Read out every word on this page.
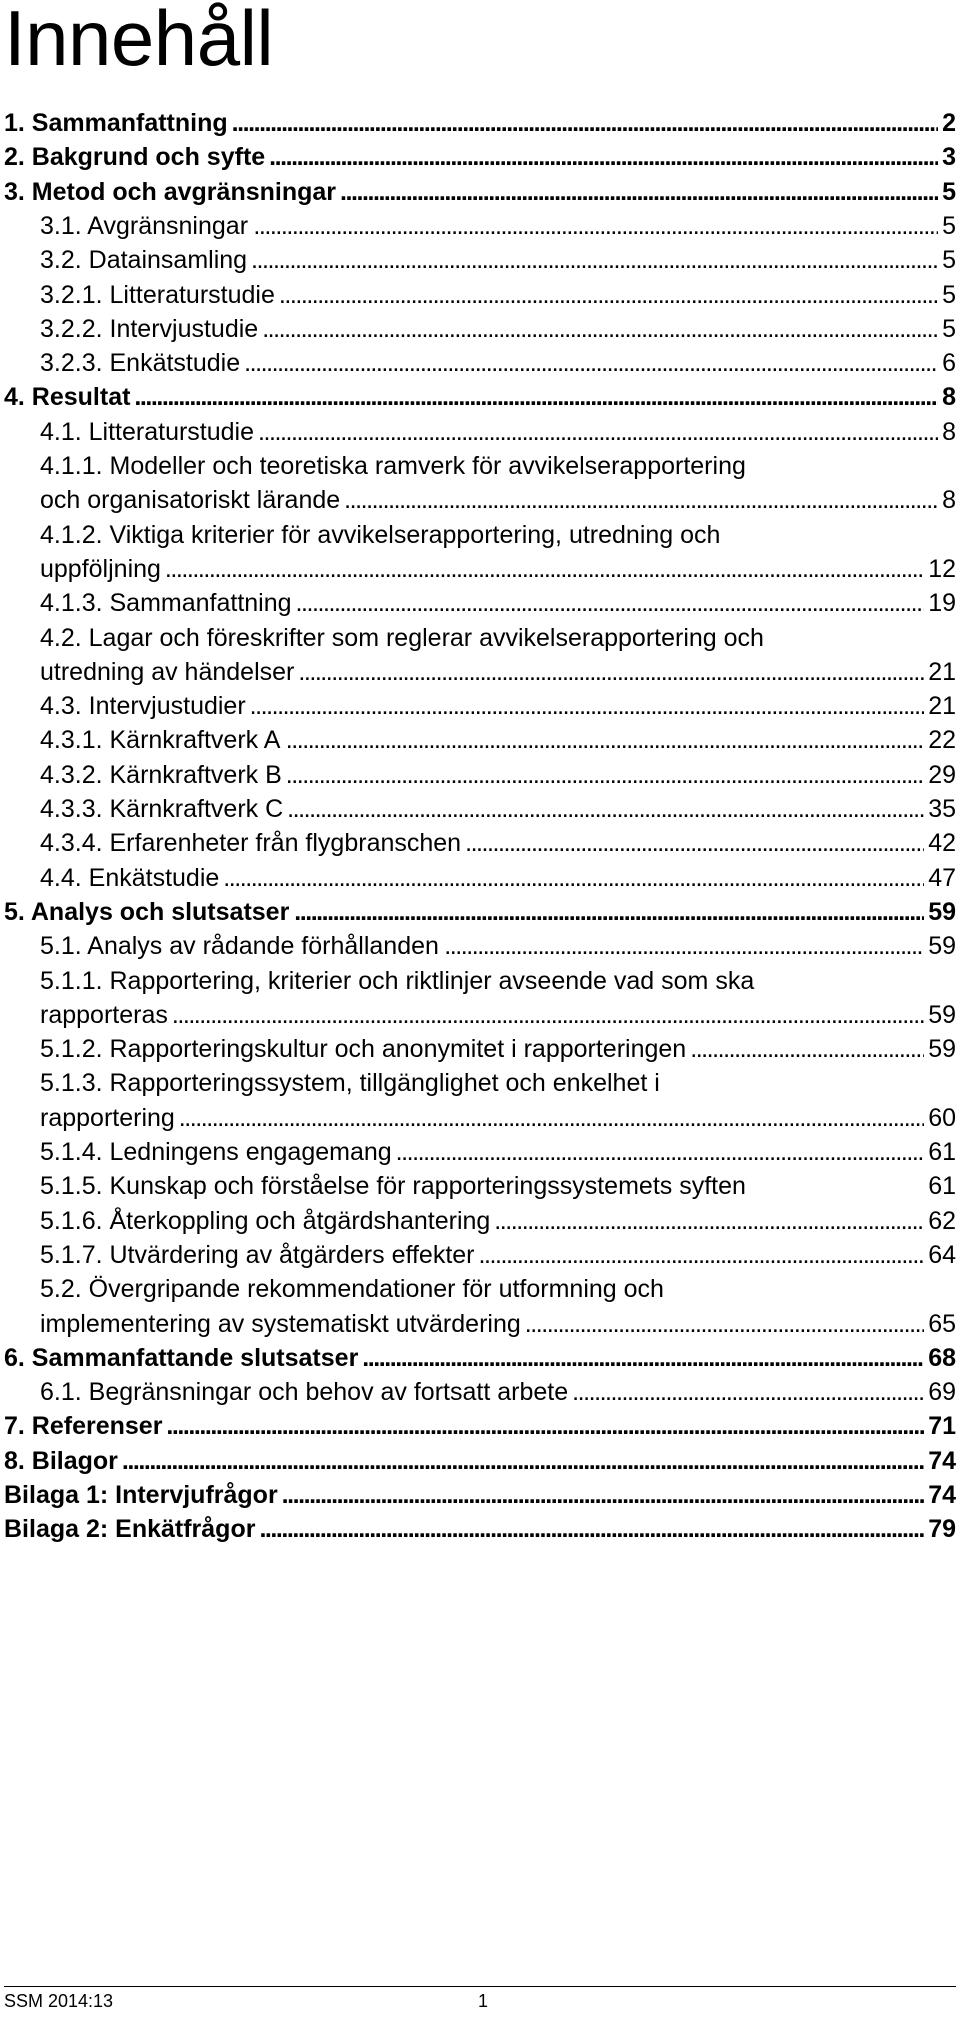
Innehåll
1. Sammanfattning	2
. . .
2. Bakgrund och syfte	3
. . .
3. Metod och avgränsningar	5
. . .
3.1. Avgränsningar	5
. . .
3.2. Datainsamling	5
. . .
3.2.1. Litteraturstudie	5
. . .
3.2.2. Intervjustudie	5
. . .
3.2.3. Enkätstudie	6
. . .
4. Resultat	8
. . .
4.1. Litteraturstudie	8
. . .
4.1.1. Modeller och teoretiska ramverk för avvikelserapportering
och organisatoriskt lärande	8
. . .
4.1.2. Viktiga kriterier för avvikelserapportering, utredning och
uppföljning	12
. . .
4.1.3. Sammanfattning	19
. . .
4.2. Lagar och föreskrifter som reglerar avvikelserapportering och
utredning av händelser	21
. . .
4.3. Intervjustudier	21
. . .
4.3.1. Kärnkraftverk A	22
. . .
4.3.2. Kärnkraftverk B	29
. . .
4.3.3. Kärnkraftverk C	35
. . .
4.3.4. Erfarenheter från flygbranschen	42
. . .
4.4. Enkätstudie	47
. . .
5. Analys och slutsatser	59
. . .
5.1. Analys av rådande förhållanden	59
. . .
5.1.1. Rapportering, kriterier och riktlinjer avseende vad som ska
rapporteras	59
. . .
5.1.2. Rapporteringskultur och anonymitet i rapporteringen	59
. . .
5.1.3. Rapporteringssystem, tillgänglighet och enkelhet i
rapportering	60
. . .
5.1.4. Ledningens engagemang	61
. . .
5.1.5. Kunskap och förståelse för rapporteringssystemets syften	61
5.1.6. Återkoppling och åtgärdshantering	62
. . .
5.1.7. Utvärdering av åtgärders effekter	64
. . .
5.2. Övergripande rekommendationer för utformning och
implementering av systematiskt utvärdering	65
. . .
6. Sammanfattande slutsatser	68
. . .
6.1. Begränsningar och behov av fortsatt arbete	69
. . .
7. Referenser	71
. . .
8. Bilagor	74
. . .
Bilaga 1: Intervjufrågor	74
. . .
Bilaga 2: Enkätfrågor	79
. . .
SSM 2014:13	1
